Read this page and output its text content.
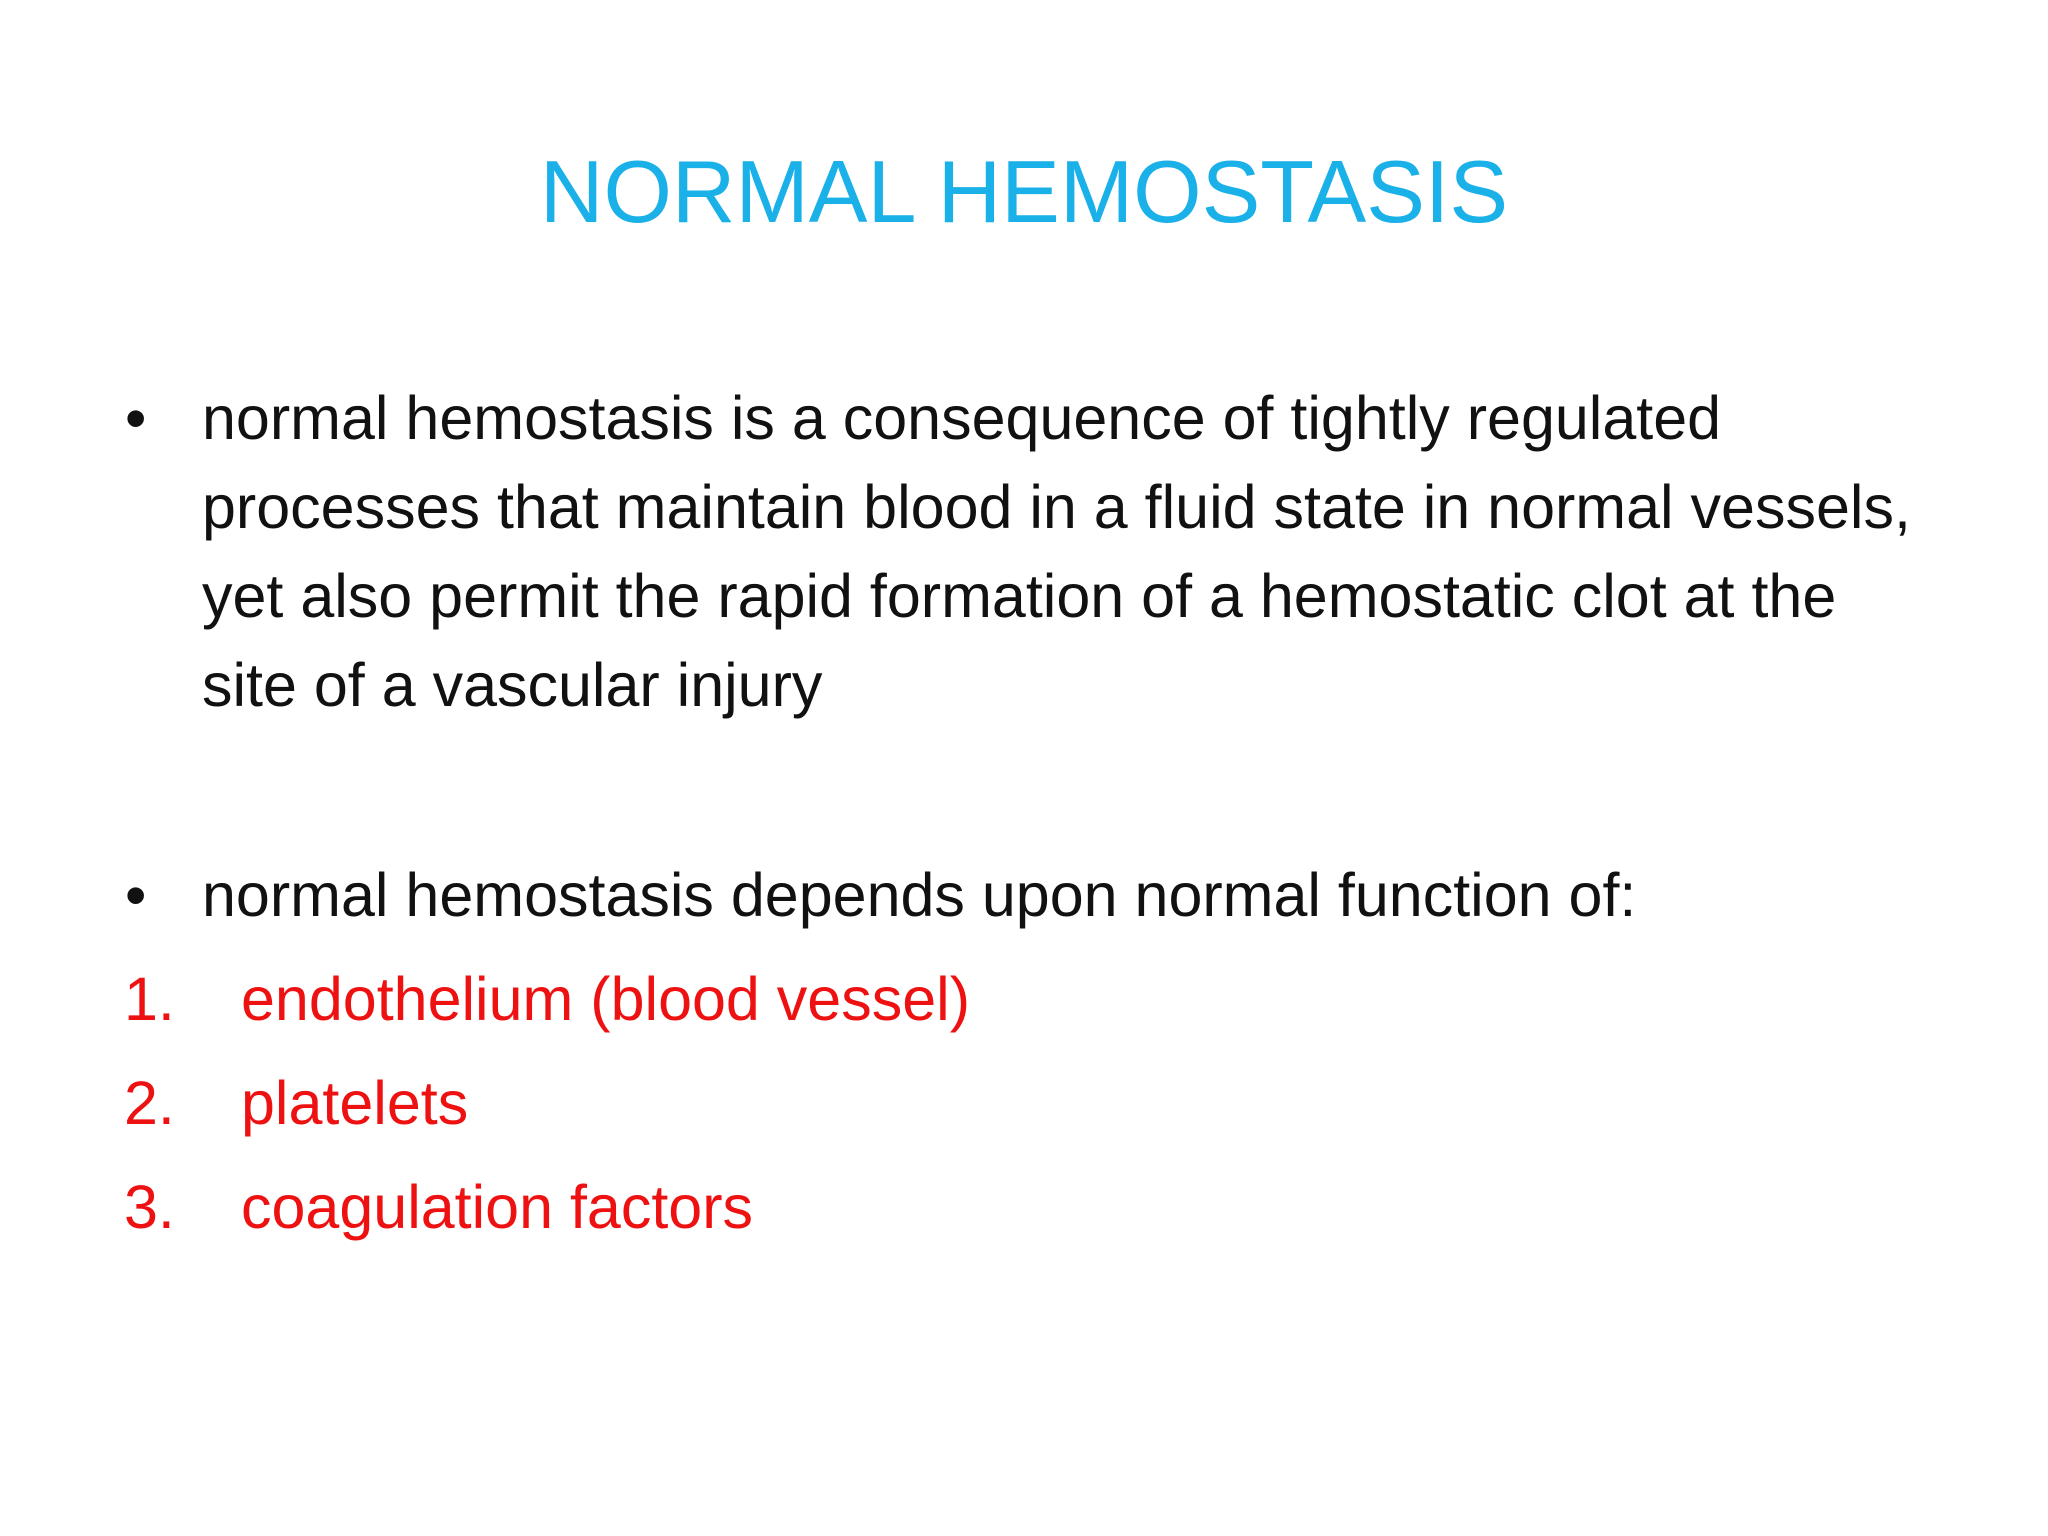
NORMAL HEMOSTASIS
• normal hemostasis is a consequence of tightly regulated processes that maintain blood in a fluid state in normal vessels, yet also permit the rapid formation of a hemostatic clot at the site of a vascular injury
• normal hemostasis depends upon normal function of:
1. endothelium (blood vessel)
2. platelets
3. coagulation factors
